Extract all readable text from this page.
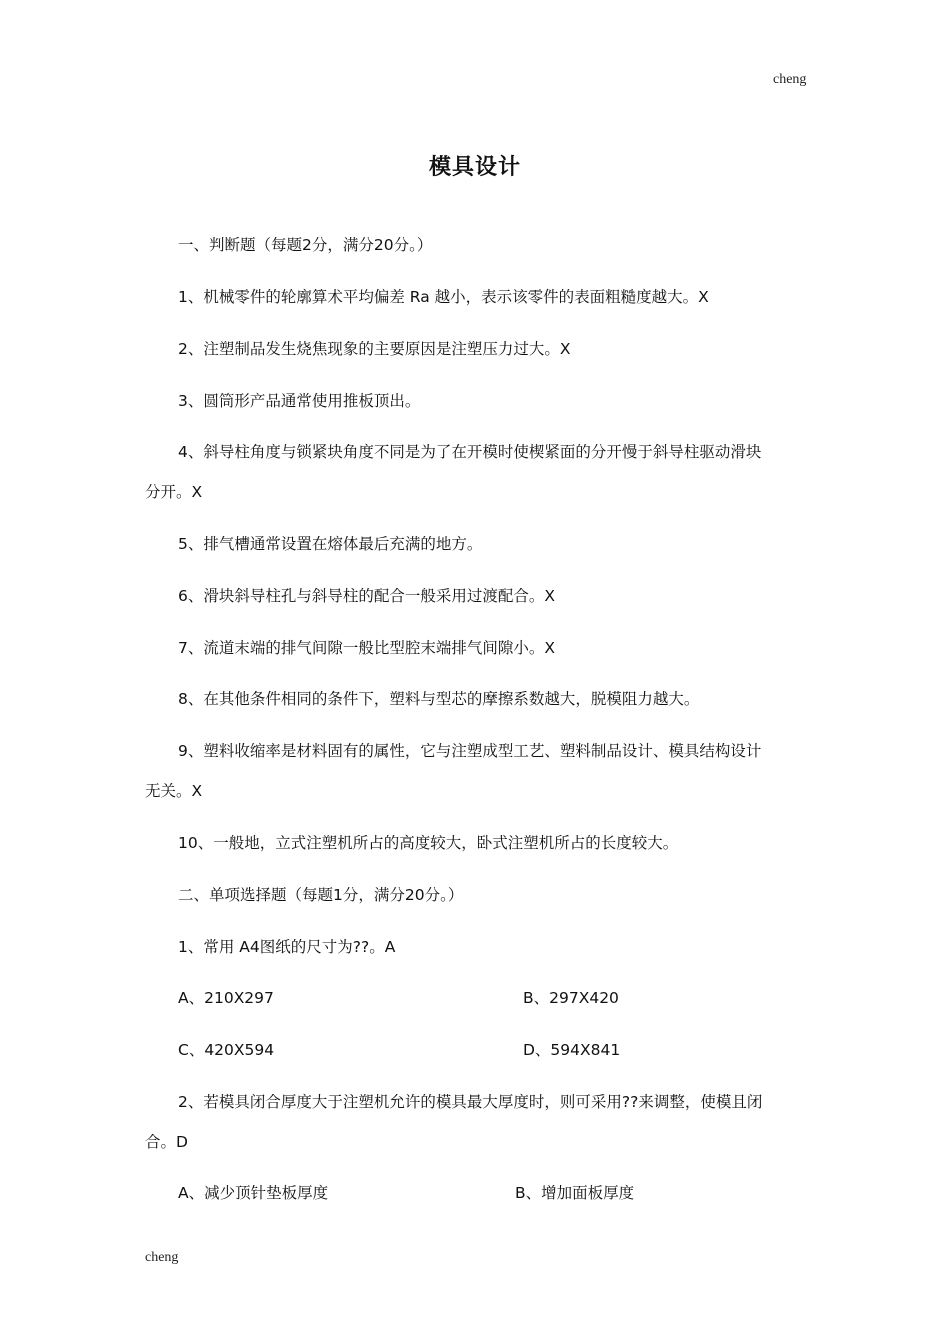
cheng
模具设计
一、判断题（每题2分，满分20分。）
1、机械零件的轮廓算术平均偏差 Ra 越小，表示该零件的表面粗糙度越大。X
2、注塑制品发生烧焦现象的主要原因是注塑压力过大。X
3、圆筒形产品通常使用推板顶出。
4、斜导柱角度与锁紧块角度不同是为了在开模时使楔紧面的分开慢于斜导柱驱动滑块
分开。X
5、排气槽通常设置在熔体最后充满的地方。
6、滑块斜导柱孔与斜导柱的配合一般采用过渡配合。X
7、流道末端的排气间隙一般比型腔末端排气间隙小。X
8、在其他条件相同的条件下，塑料与型芯的摩擦系数越大，脱模阻力越大。
9、塑料收缩率是材料固有的属性，它与注塑成型工艺、塑料制品设计、模具结构设计
无关。X
10、一般地，立式注塑机所占的高度较大，卧式注塑机所占的长度较大。
二、单项选择题（每题1分，满分20分。）
1、常用 A4图纸的尺寸为??。A
A、210X297	B、297X420
C、420X594	D、594X841
2、若模具闭合厚度大于注塑机允许的模具最大厚度时，则可采用??来调整，使模且闭
合。D
A、减少顶针垫板厚度	B、增加面板厚度
cheng
